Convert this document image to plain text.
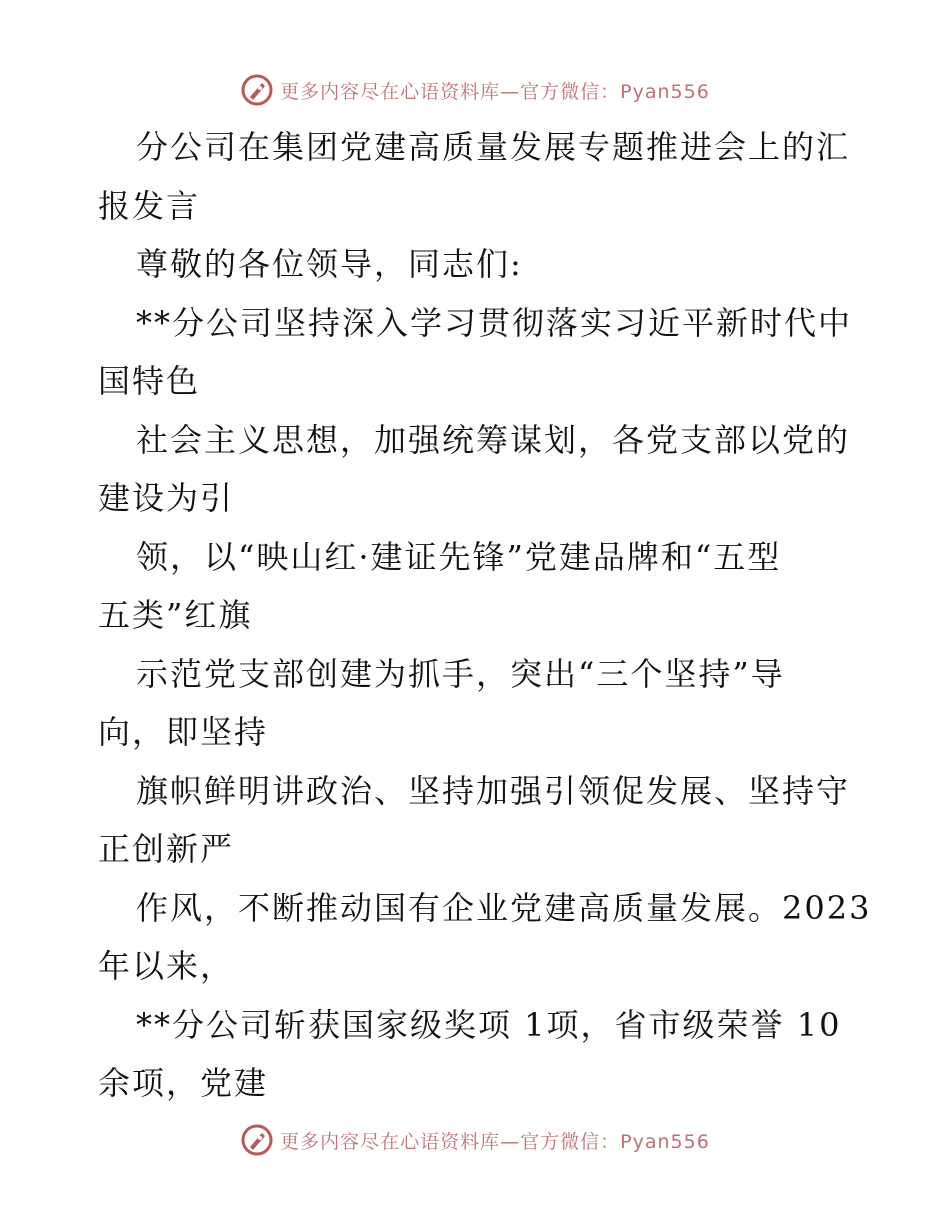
更多内容尽在心语资料库—官方微信：Pyan556
分公司在集团党建高质量发展专题推进会上的汇
报发言
尊敬的各位领导，同志们:
**分公司坚持深入学习贯彻落实习近平新时代中
国特色
社会主义思想，加强统筹谋划，各党支部以党的
建设为引
领，以“映山红·建证先锋”党建品牌和“五型
五类”红旗
示范党支部创建为抓手，突出“三个坚持”导
向，即坚持
旗帜鲜明讲政治、坚持加强引领促发展、坚持守
正创新严
作风，不断推动国有企业党建高质量发展。2023
年以来，
**分公司斩获国家级奖项 1项，省市级荣誉 10
余项，党建
更多内容尽在心语资料库—官方微信：Pyan556
